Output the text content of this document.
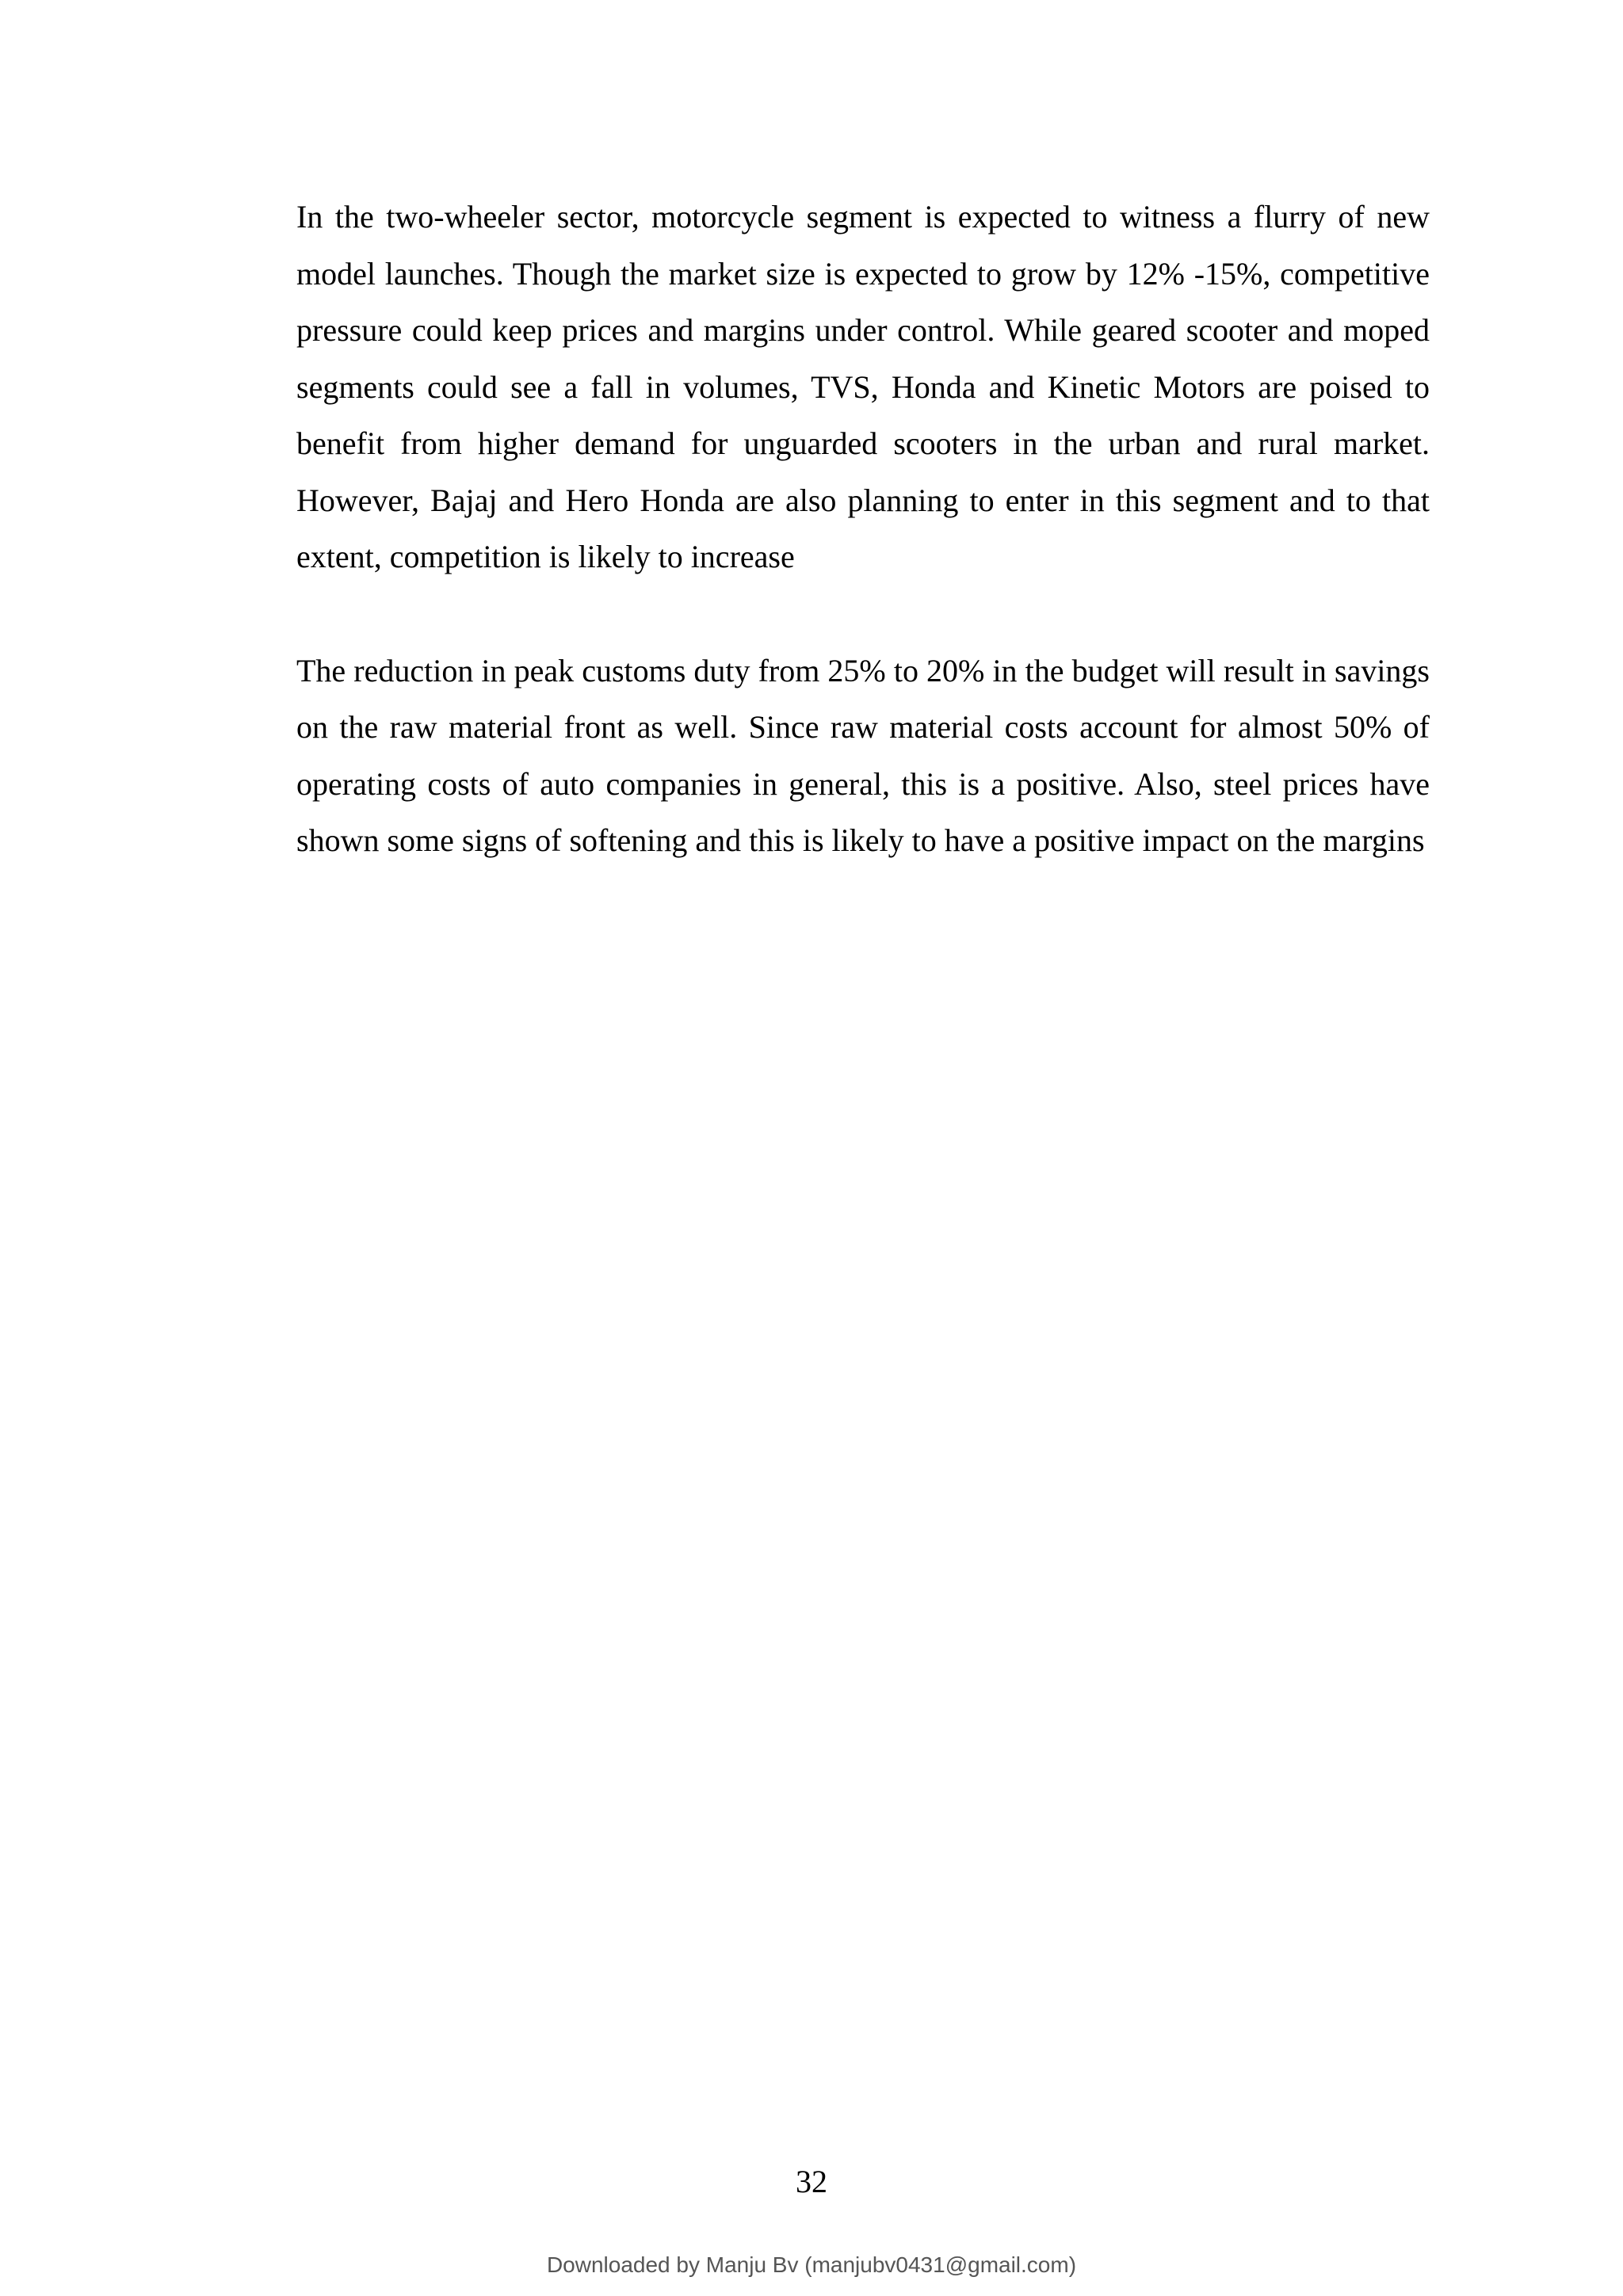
In the two-wheeler sector, motorcycle segment is expected to witness a flurry of new model launches. Though the market size is expected to grow by 12% -15%, competitive pressure could keep prices and margins under control. While geared scooter and moped segments could see a fall in volumes, TVS, Honda and Kinetic Motors are poised to benefit from higher demand for unguarded scooters in the urban and rural market. However, Bajaj and Hero Honda are also planning to enter in this segment and to that extent, competition is likely to increase

The reduction in peak customs duty from 25% to 20% in the budget will result in savings on the raw material front as well. Since raw material costs account for almost 50% of operating costs of auto companies in general, this is a positive. Also, steel prices have shown some signs of softening and this is likely to have a positive impact on the margins

32
Downloaded by Manju Bv (manjubv0431@gmail.com)
